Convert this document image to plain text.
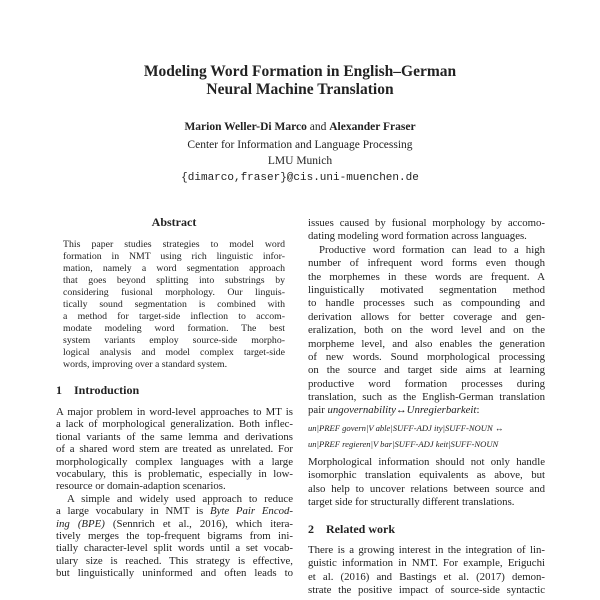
Modeling Word Formation in English–German
Neural Machine Translation
Marion Weller-Di Marco and Alexander Fraser
Center for Information and Language Processing
LMU Munich
{dimarco,fraser}@cis.uni-muenchen.de
Abstract
This paper studies strategies to model word
formation in NMT using rich linguistic infor-
mation, namely a word segmentation approach
that goes beyond splitting into substrings by
considering fusional morphology. Our linguis-
tically sound segmentation is combined with
a method for target-side inflection to accom-
modate modeling word formation. The best
system variants employ source-side morpho-
logical analysis and model complex target-side
words, improving over a standard system.
1    Introduction
A major problem in word-level approaches to MT is
a lack of morphological generalization. Both inflec-
tional variants of the same lemma and derivations
of a shared word stem are treated as unrelated. For
morphologically complex languages with a large
vocabulary, this is problematic, especially in low-
resource or domain-adaption scenarios.
A simple and widely used approach to reduce
a large vocabulary in NMT is Byte Pair Encod-
ing (BPE) (Sennrich et al., 2016), which itera-
tively merges the top-frequent bigrams from ini-
tially character-level split words until a set vocab-
ulary size is reached. This strategy is effective,
but linguistically uninformed and often leads to
issues caused by fusional morphology by accomo-
dating modeling word formation across languages.
Productive word formation can lead to a high
number of infrequent word forms even though
the morphemes in these words are frequent. A
linguistically motivated segmentation method
to handle processes such as compounding and
derivation allows for better coverage and gen-
eralization, both on the word level and on the
morpheme level, and also enables the generation
of new words. Sound morphological processing
on the source and target side aims at learning
productive word formation processes during
translation, such as the English-German translation
pair ungovernability↔Unregierbarkeit:
un|PREF govern|V able|SUFF-ADJ ity|SUFF-NOUN ↔
un|PREF regieren|V bar|SUFF-ADJ keit|SUFF-NOUN
Morphological information should not only handle
isomorphic translation equivalents as above, but
also help to uncover relations between source and
target side for structurally different translations.
2    Related work
There is a growing interest in the integration of lin-
guistic information in NMT. For example, Eriguchi
et al. (2016) and Bastings et al. (2017) demon-
strate the positive impact of source-side syntactic
